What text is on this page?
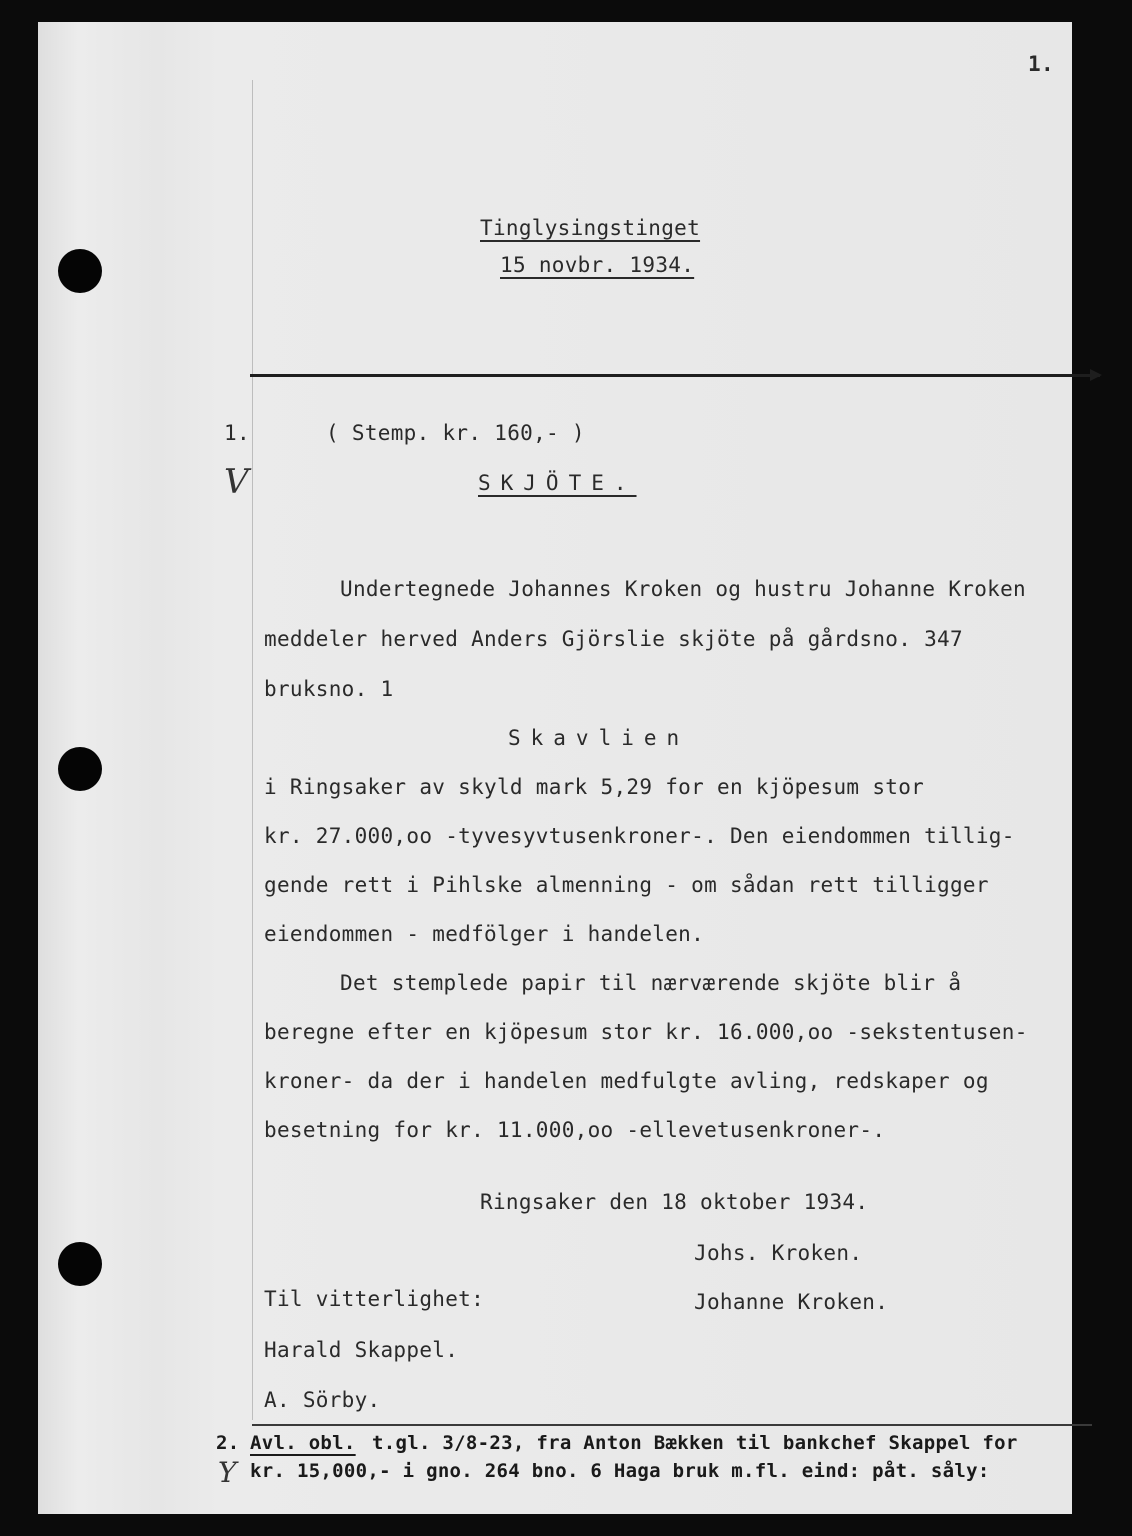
1.
Tinglysingstinget
15 novbr. 1934.
1.	( Stemp. kr. 160,- )
V	SKJÖTE.
Undertegnede Johannes Kroken og hustru Johanne Kroken
meddeler herved Anders Gjörslie skjöte på gårdsno. 347
bruksno. 1
Skavlien
i Ringsaker av skyld mark 5,29 for en kjöpesum stor
kr. 27.000,oo -tyvesyvtusenkroner-. Den eiendommen tillig-
gende rett i Pihlske almenning - om sådan rett tilligger
eiendommen - medfölger i handelen.
Det stemplede papir til nærværende skjöte blir å
beregne efter en kjöpesum stor kr. 16.000,oo -sekstentusen-
kroner- da der i handelen medfulgte avling, redskaper og
besetning for kr. 11.000,oo -ellevetusenkroner-.
Ringsaker den 18 oktober 1934.
Johs. Kroken.
Til vitterlighet:	Johanne Kroken.
Harald Skappel.
A. Sörby.
2. Avl. obl. t.gl. 3/8-23, fra Anton Bækken til bankchef Skappel for
Y kr. 15,000,- i gno. 264 bno. 6 Haga bruk m.fl. eind: påt. såly:
